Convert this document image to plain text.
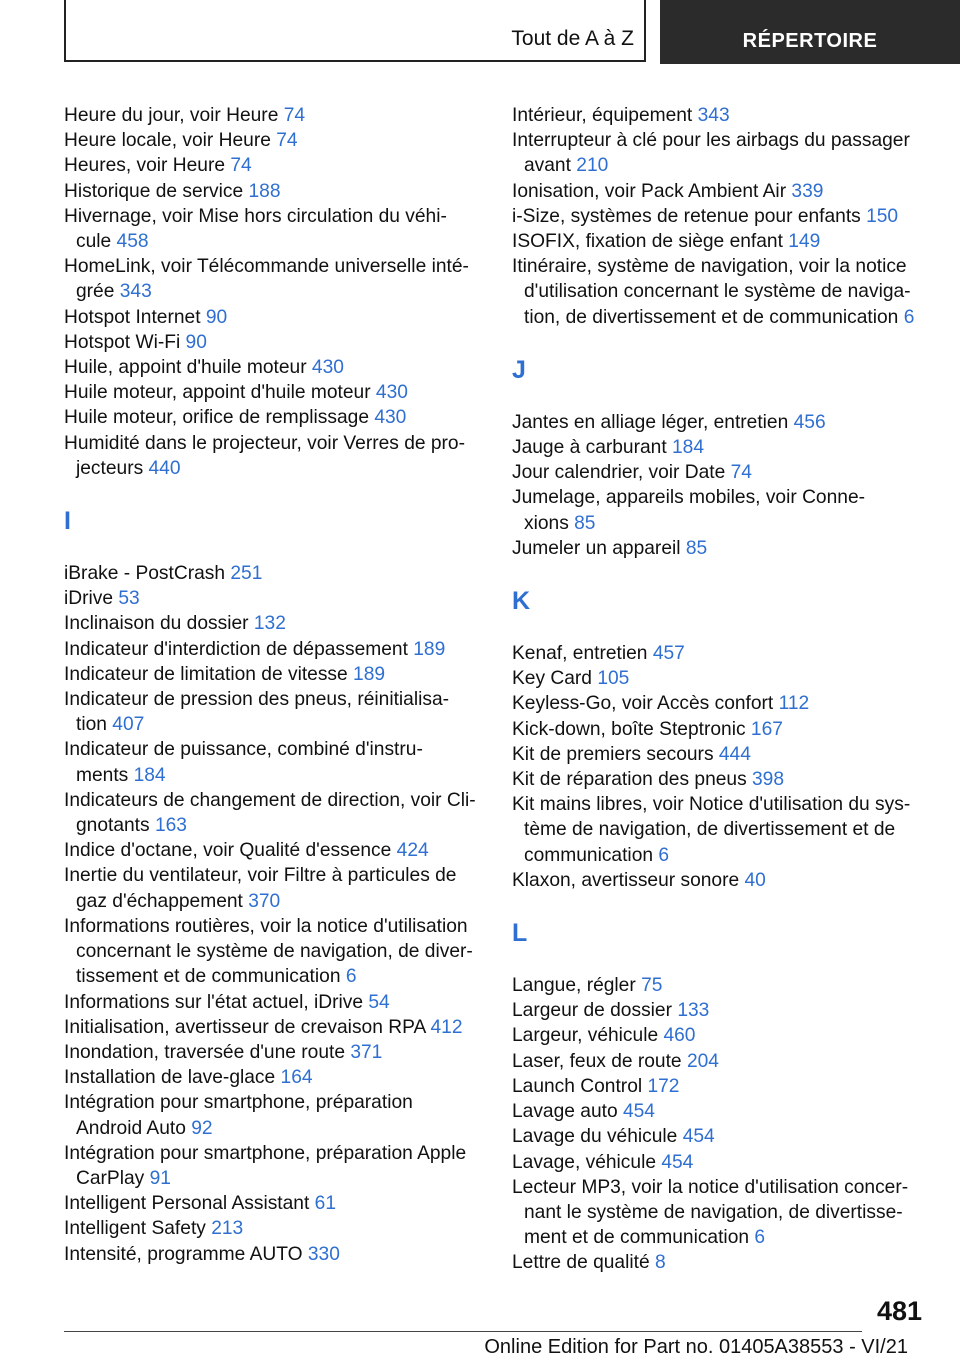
Tout de A à Z	RÉPERTOIRE
Heure du jour, voir Heure 74
Heure locale, voir Heure 74
Heures, voir Heure 74
Historique de service 188
Hivernage, voir Mise hors circulation du véhi-
cule 458
HomeLink, voir Télécommande universelle inté-
grée 343
Hotspot Internet 90
Hotspot Wi-Fi 90
Huile, appoint d'huile moteur 430
Huile moteur, appoint d'huile moteur 430
Huile moteur, orifice de remplissage 430
Humidité dans le projecteur, voir Verres de pro-
jecteurs 440
I
iBrake - PostCrash 251
iDrive 53
Inclinaison du dossier 132
Indicateur d'interdiction de dépassement 189
Indicateur de limitation de vitesse 189
Indicateur de pression des pneus, réinitialisa-
tion 407
Indicateur de puissance, combiné d'instru-
ments 184
Indicateurs de changement de direction, voir Cli-
gnotants 163
Indice d'octane, voir Qualité d'essence 424
Inertie du ventilateur, voir Filtre à particules de
gaz d'échappement 370
Informations routières, voir la notice d'utilisation
concernant le système de navigation, de diver-
tissement et de communication 6
Informations sur l'état actuel, iDrive 54
Initialisation, avertisseur de crevaison RPA 412
Inondation, traversée d'une route 371
Installation de lave-glace 164
Intégration pour smartphone, préparation
Android Auto 92
Intégration pour smartphone, préparation Apple
CarPlay 91
Intelligent Personal Assistant 61
Intelligent Safety 213
Intensité, programme AUTO 330
Intérieur, équipement 343
Interrupteur à clé pour les airbags du passager
avant 210
Ionisation, voir Pack Ambient Air 339
i-Size, systèmes de retenue pour enfants 150
ISOFIX, fixation de siège enfant 149
Itinéraire, système de navigation, voir la notice
d'utilisation concernant le système de naviga-
tion, de divertissement et de communication 6
J
Jantes en alliage léger, entretien 456
Jauge à carburant 184
Jour calendrier, voir Date 74
Jumelage, appareils mobiles, voir Conne-
xions 85
Jumeler un appareil 85
K
Kenaf, entretien 457
Key Card 105
Keyless-Go, voir Accès confort 112
Kick-down, boîte Steptronic 167
Kit de premiers secours 444
Kit de réparation des pneus 398
Kit mains libres, voir Notice d'utilisation du sys-
tème de navigation, de divertissement et de
communication 6
Klaxon, avertisseur sonore 40
L
Langue, régler 75
Largeur de dossier 133
Largeur, véhicule 460
Laser, feux de route 204
Launch Control 172
Lavage auto 454
Lavage du véhicule 454
Lavage, véhicule 454
Lecteur MP3, voir la notice d'utilisation concer-
nant le système de navigation, de divertisse-
ment et de communication 6
Lettre de qualité 8
481
Online Edition for Part no. 01405A38553 - VI/21
